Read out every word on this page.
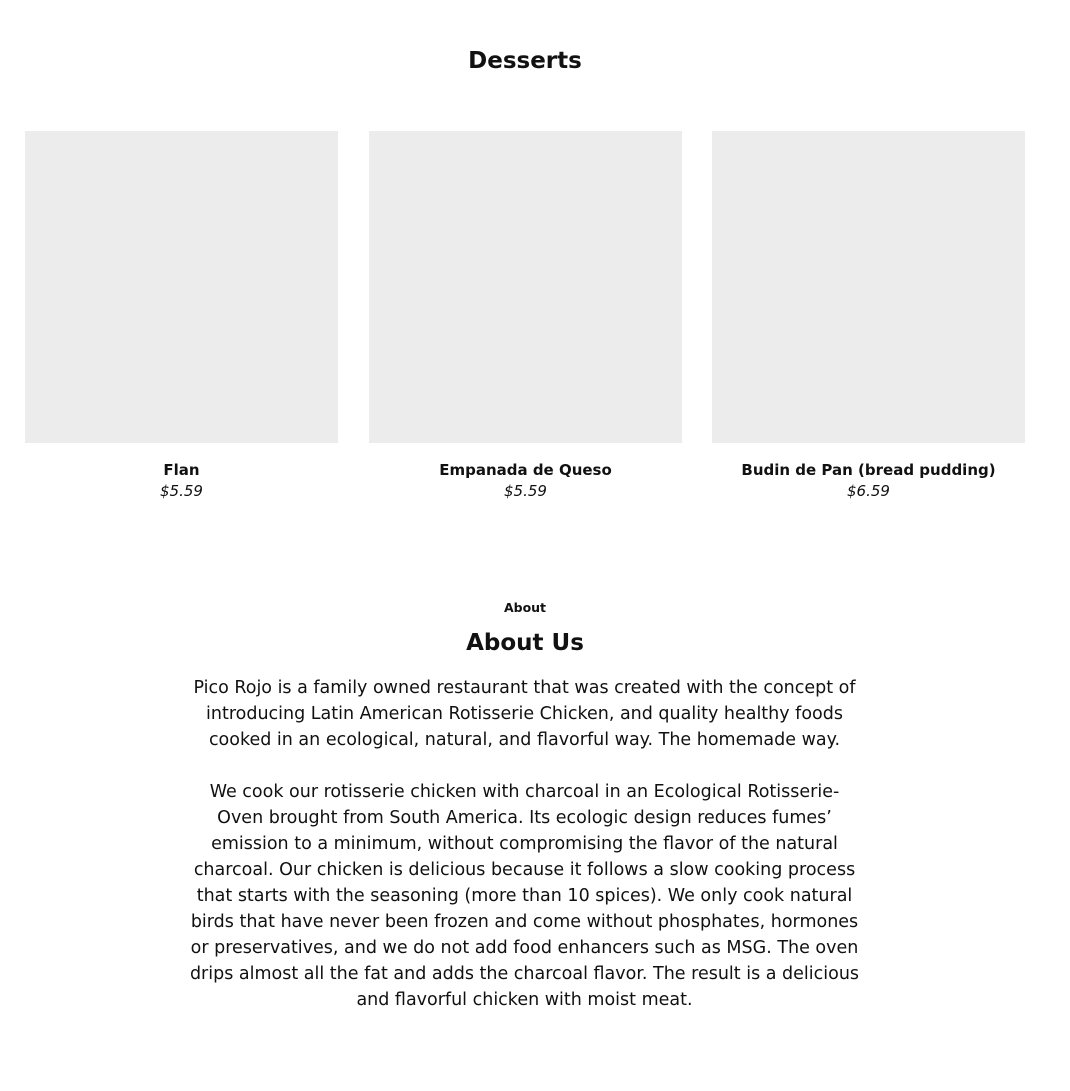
Desserts
Flan
$5.59
Empanada de Queso
$5.59
Budin de Pan (bread pudding)
$6.59
About
About Us

Pico Rojo is a family owned restaurant that was created with the concept of introducing Latin American Rotisserie Chicken, and quality healthy foods cooked in an ecological, natural, and flavorful way. The homemade way.

We cook our rotisserie chicken with charcoal in an Ecological Rotisserie-Oven brought from South America. Its ecologic design reduces fumes’ emission to a minimum, without compromising the flavor of the natural charcoal. Our chicken is delicious because it follows a slow cooking process that starts with the seasoning (more than 10 spices). We only cook natural birds that have never been frozen and come without phosphates, hormones or preservatives, and we do not add food enhancers such as MSG. The oven drips almost all the fat and adds the charcoal flavor. The result is a delicious and flavorful chicken with moist meat.
